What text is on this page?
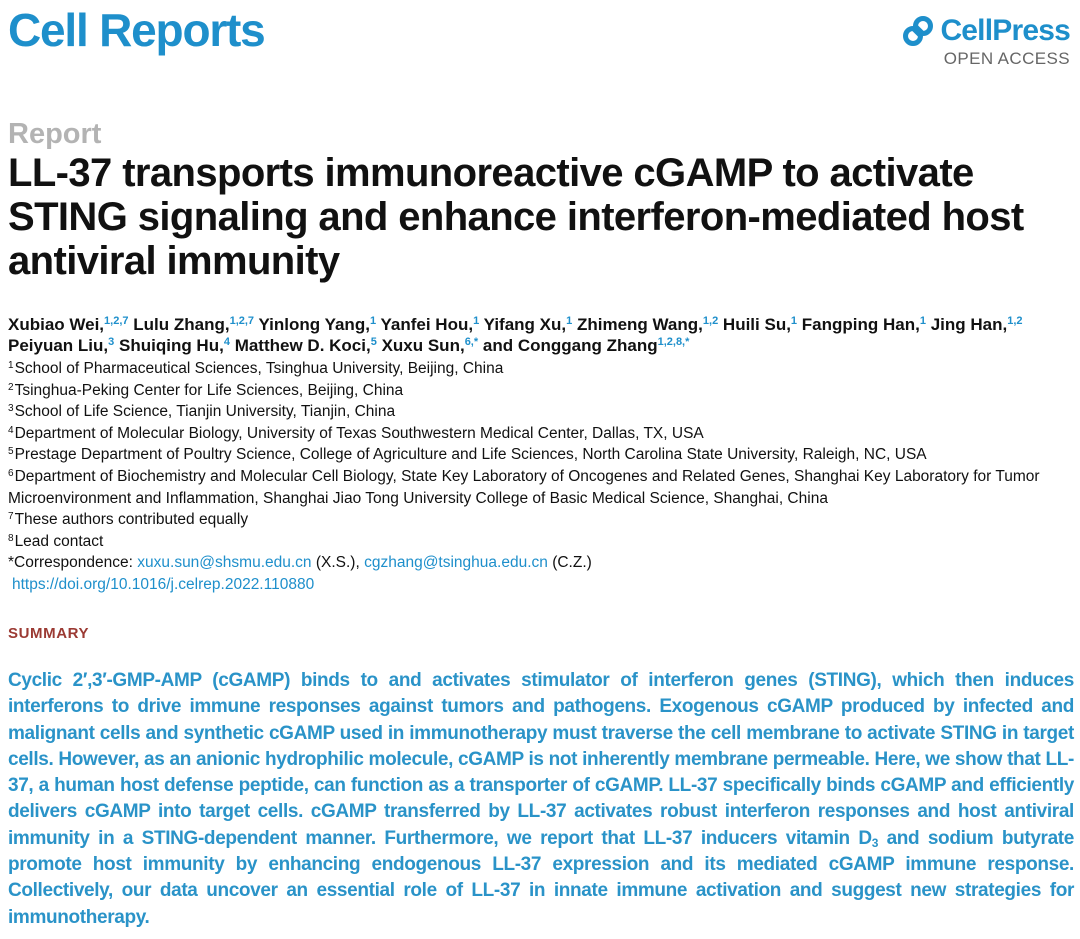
Cell Reports	CellPress
OPEN ACCESS
Report
LL-37 transports immunoreactive cGAMP to activate STING signaling and enhance interferon-mediated host antiviral immunity
Xubiao Wei,$^{1,2,7}$ Lulu Zhang,$^{1,2,7}$ Yinlong Yang,$^1$ Yanfei Hou,$^1$ Yifang Xu,$^1$ Zhimeng Wang,$^{1,2}$ Huili Su,$^1$ Fangping Han,$^1$ Jing Han,$^{1,2}$ Peiyuan Liu,$^3$ Shuiqing Hu,$^4$ Matthew D. Koci,$^5$ Xuxu Sun,$^{6,*}$ and Conggang Zhang$^{1,2,8,*}$
$^1$School of Pharmaceutical Sciences, Tsinghua University, Beijing, China
$^2$Tsinghua-Peking Center for Life Sciences, Beijing, China
$^3$School of Life Science, Tianjin University, Tianjin, China
$^4$Department of Molecular Biology, University of Texas Southwestern Medical Center, Dallas, TX, USA
$^5$Prestage Department of Poultry Science, College of Agriculture and Life Sciences, North Carolina State University, Raleigh, NC, USA
$^6$Department of Biochemistry and Molecular Cell Biology, State Key Laboratory of Oncogenes and Related Genes, Shanghai Key Laboratory for Tumor Microenvironment and Inflammation, Shanghai Jiao Tong University College of Basic Medical Science, Shanghai, China
$^7$These authors contributed equally
$^8$Lead contact
*Correspondence: xuxu.sun@shsmu.edu.cn (X.S.), cgzhang@tsinghua.edu.cn (C.Z.)
https://doi.org/10.1016/j.celrep.2022.110880
SUMMARY

Cyclic 2′,3′-GMP-AMP (cGAMP) binds to and activates stimulator of interferon genes (STING), which then induces interferons to drive immune responses against tumors and pathogens. Exogenous cGAMP produced by infected and malignant cells and synthetic cGAMP used in immunotherapy must traverse the cell membrane to activate STING in target cells. However, as an anionic hydrophilic molecule, cGAMP is not inherently membrane permeable. Here, we show that LL-37, a human host defense peptide, can function as a transporter of cGAMP. LL-37 specifically binds cGAMP and efficiently delivers cGAMP into target cells. cGAMP transferred by LL-37 activates robust interferon responses and host antiviral immunity in a STING-dependent manner. Furthermore, we report that LL-37 inducers vitamin $D_3$ and sodium butyrate promote host immunity by enhancing endogenous LL-37 expression and its mediated cGAMP immune response. Collectively, our data uncover an essential role of LL-37 in innate immune activation and suggest new strategies for immunotherapy.
